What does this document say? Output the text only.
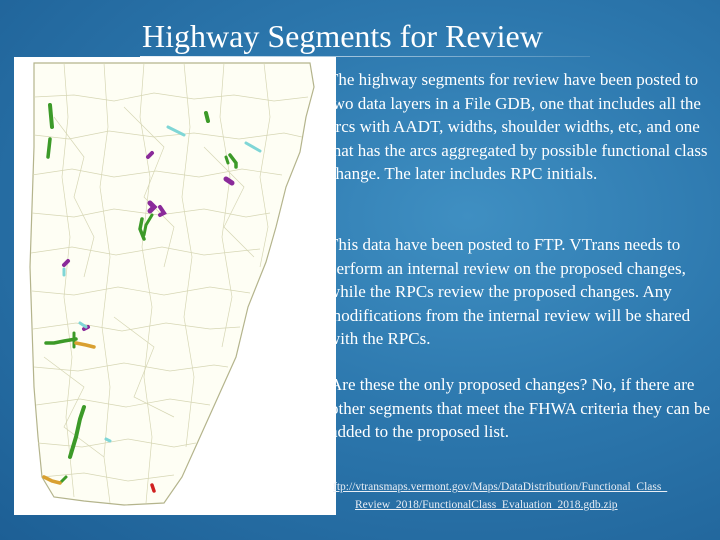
Highway Segments for Review

The highway segments for review have been posted to two data layers in a File GDB, one that includes all the arcs with AADT, widths, shoulder widths, etc, and one that has the arcs aggregated by possible functional class change. The later includes RPC initials.

This data have been posted to FTP. VTrans needs to perform an internal review on the proposed changes, while the RPCs review the proposed changes. Any modifications from the internal review will be shared with the RPCs.

Are these the only proposed changes? No, if there are other segments that meet the FHWA criteria they can be added to the proposed list.

ftp://vtransmaps.vermont.gov/Maps/DataDistribution/Functional_Class_
Review_2018/FunctionalClass_Evaluation_2018.gdb.zip
